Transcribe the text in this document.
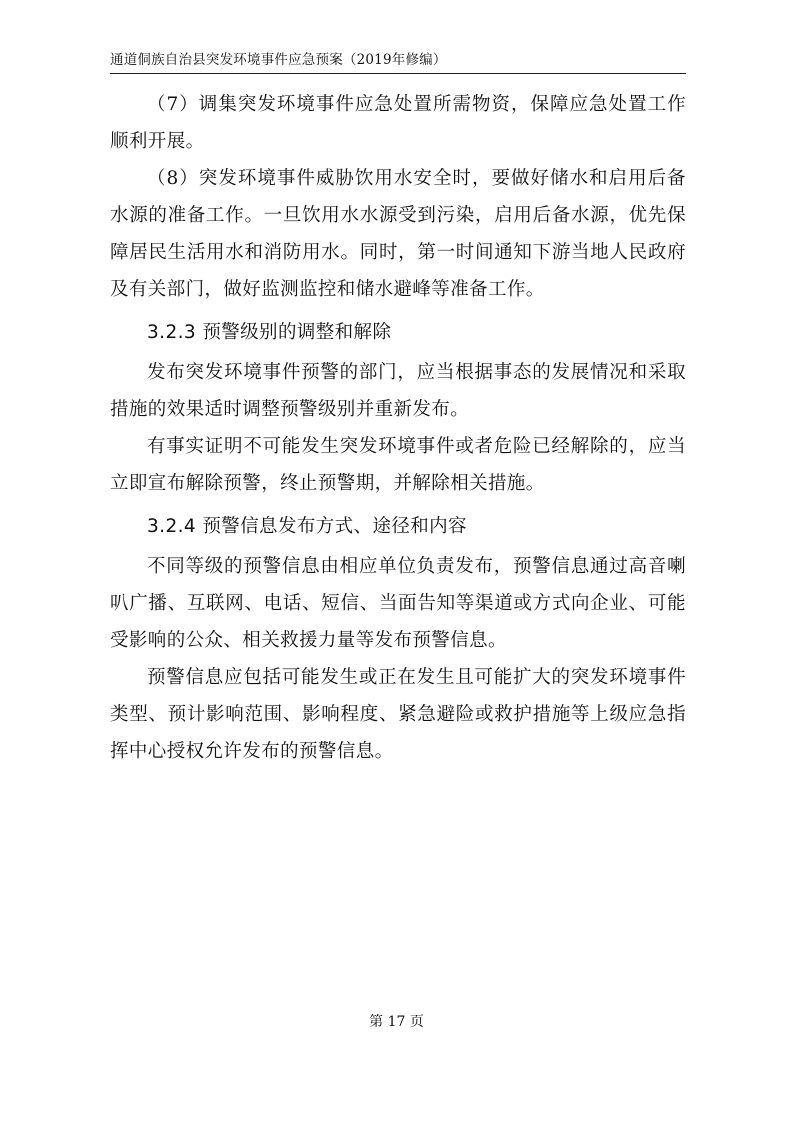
通道侗族自治县突发环境事件应急预案（2019年修编）

（7）调集突发环境事件应急处置所需物资，保障应急处置工作顺利开展。

（8）突发环境事件威胁饮用水安全时，要做好储水和启用后备水源的准备工作。一旦饮用水水源受到污染，启用后备水源，优先保障居民生活用水和消防用水。同时，第一时间通知下游当地人民政府及有关部门，做好监测监控和储水避峰等准备工作。

3.2.3 预警级别的调整和解除

发布突发环境事件预警的部门，应当根据事态的发展情况和采取措施的效果适时调整预警级别并重新发布。

有事实证明不可能发生突发环境事件或者危险已经解除的，应当立即宣布解除预警，终止预警期，并解除相关措施。

3.2.4 预警信息发布方式、途径和内容

不同等级的预警信息由相应单位负责发布，预警信息通过高音喇叭广播、互联网、电话、短信、当面告知等渠道或方式向企业、可能受影响的公众、相关救援力量等发布预警信息。

预警信息应包括可能发生或正在发生且可能扩大的突发环境事件类型、预计影响范围、影响程度、紧急避险或救护措施等上级应急指挥中心授权允许发布的预警信息。

第 17 页
